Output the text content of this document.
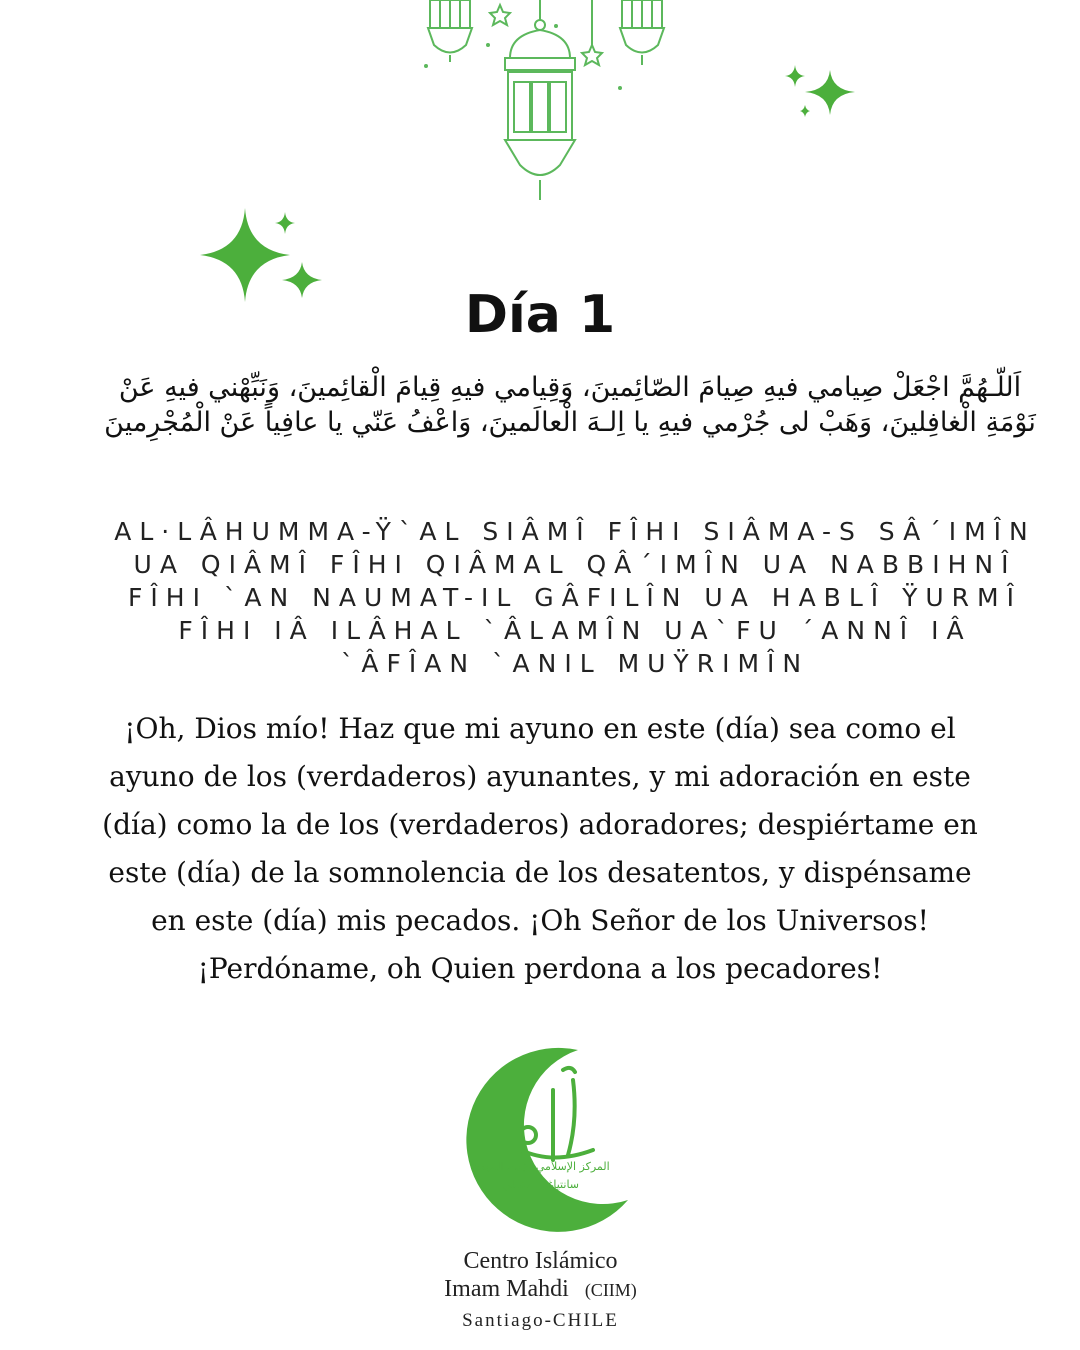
Día 1
اَللّـهُمَّ اجْعَلْ صِيامي فيهِ صِيامَ الصّائِمينَ، وَقِيامي فيهِ قِيامَ الْقائِمينَ، وَنَبِّهْني فيهِ عَنْ نَوْمَةِ الْغافِلينَ، وَهَبْ لى جُرْمي فيهِ يا اِلـهَ الْعالَمينَ، وَاعْفُ عَنّي يا عافِياً عَنْ الْمُجْرِمينَ
AL·LÂHUMMA-Ÿ`AL SIÂMÎ FÎHI SIÂMA-S SÂ´IMÎN UA QIÂMÎ FÎHI QIÂMAL QÂ´IMÎN UA NABBIHNÎ FÎHI `AN NAUMAT-IL GÂFILÎN UA HABLÎ ŸURMÎ FÎHI IÂ ILÂHAL `ÂLAMÎN UA`FU ´ANNÎ IÂ `ÂFÎAN `ANIL MUŸRIMÎN
¡Oh, Dios mío! Haz que mi ayuno en este (día) sea como el ayuno de los (verdaderos) ayunantes, y mi adoración en este (día) como la de los (verdaderos) adoradores; despiértame en este (día) de la somnolencia de los desatentos, y dispénsame en este (día) mis pecados. ¡Oh Señor de los Universos! ¡Perdóname, oh Quien perdona a los pecadores!
المركز الإسلامي الإمام المهدي
سانتياغو - تشيلي
Centro Islámico
Imam Mahdi (CIIM)
Santiago-CHILE
